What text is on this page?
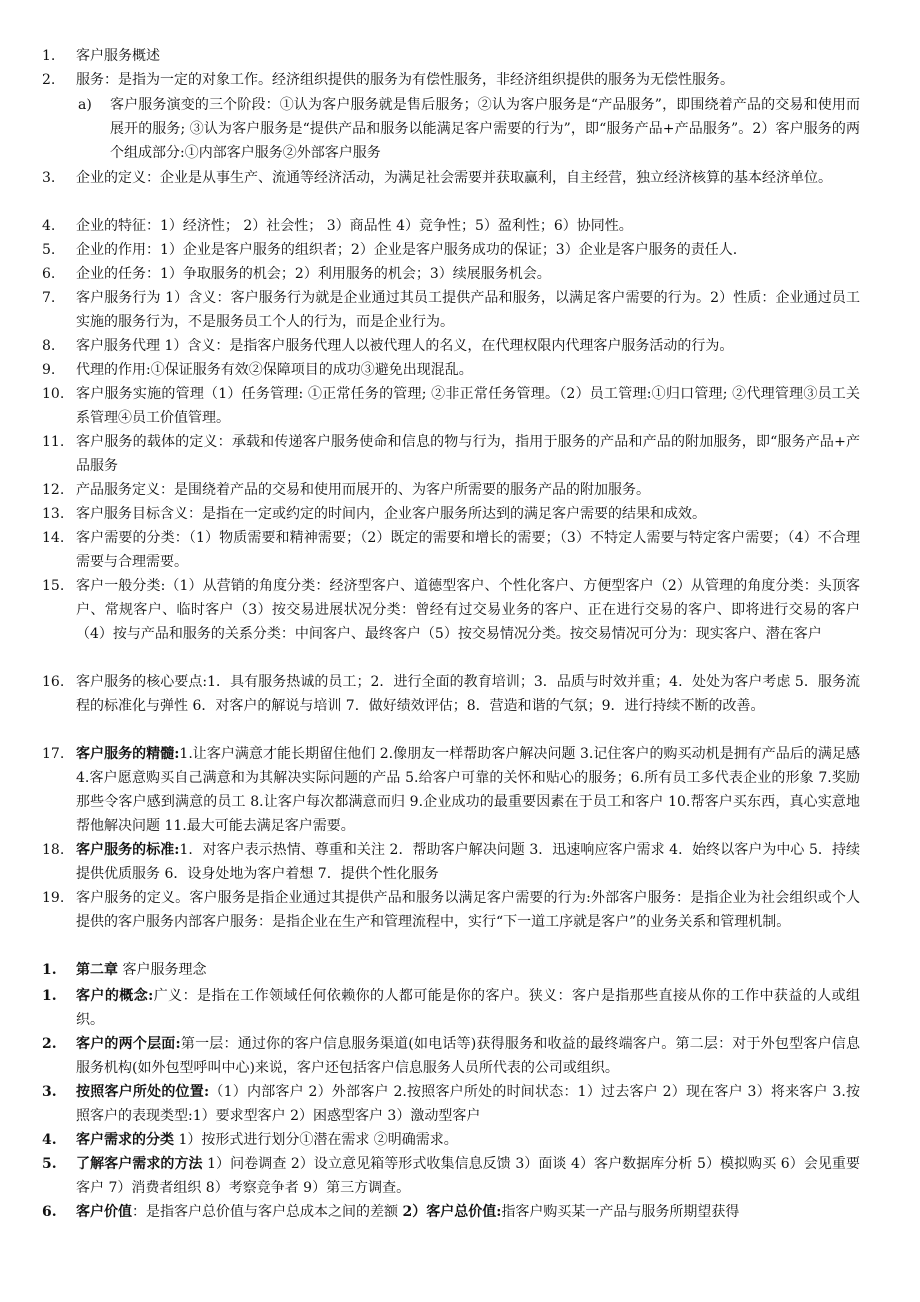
1.	客户服务概述
2.	服务：是指为一定的对象工作。经济组织提供的服务为有偿性服务，非经济组织提供的服务为无偿性服务。
a)	客户服务演变的三个阶段：①认为客户服务就是售后服务；②认为客户服务是“产品服务”，即围绕着产品的交易和使用而展开的服务; ③认为客户服务是“提供产品和服务以能满足客户需要的行为”，即“服务产品+产品服务”。2）客户服务的两个组成部分:①内部客户服务②外部客户服务
3.	企业的定义：企业是从事生产、流通等经济活动，为满足社会需要并获取赢利，自主经营，独立经济核算的基本经济单位。
4.	企业的特征：1）经济性； 2）社会性； 3）商品性 4）竞争性；5）盈利性；6）协同性。
5.	企业的作用：1）企业是客户服务的组织者；2）企业是客户服务成功的保证；3）企业是客户服务的责任人.
6.	企业的任务：1）争取服务的机会；2）利用服务的机会；3）续展服务机会。
7.	客户服务行为 1）含义：客户服务行为就是企业通过其员工提供产品和服务，以满足客户需要的行为。2）性质：企业通过员工实施的服务行为，不是服务员工个人的行为，而是企业行为。
8.	客户服务代理 1）含义：是指客户服务代理人以被代理人的名义，在代理权限内代理客户服务活动的行为。
9.	代理的作用:①保证服务有效②保障项目的成功③避免出现混乱。
10. 客户服务实施的管理（1）任务管理: ①正常任务的管理; ②非正常任务管理。（2）员工管理:①归口管理; ②代理管理③员工关系管理④员工价值管理。
11. 客户服务的载体的定义：承载和传递客户服务使命和信息的物与行为，指用于服务的产品和产品的附加服务，即“服务产品+产品服务
12. 产品服务定义：是围绕着产品的交易和使用而展开的、为客户所需要的服务产品的附加服务。
13. 客户服务目标含义：是指在一定或约定的时间内，企业客户服务所达到的满足客户需要的结果和成效。
14. 客户需要的分类：（1）物质需要和精神需要；（2）既定的需要和增长的需要；（3）不特定人需要与特定客户需要；（4）不合理需要与合理需要。
15. 客户一般分类:（1）从营销的角度分类：经济型客户、道德型客户、个性化客户、方便型客户（2）从管理的角度分类：头顶客户、常规客户、临时客户（3）按交易进展状况分类：曾经有过交易业务的客户、正在进行交易的客户、即将进行交易的客户（4）按与产品和服务的关系分类：中间客户、最终客户（5）按交易情况分类。按交易情况可分为：现实客户、潜在客户
16. 客户服务的核心要点:1．具有服务热诚的员工；2．进行全面的教育培训；3．品质与时效并重；4．处处为客户考虑 5．服务流程的标准化与弹性 6．对客户的解说与培训 7．做好绩效评估；8．营造和谐的气氛；9．进行持续不断的改善。
17. 客户服务的精髓:1.让客户满意才能长期留住他们 2.像朋友一样帮助客户解决问题 3.记住客户的购买动机是拥有产品后的满足感 4.客户愿意购买自己满意和为其解决实际问题的产品 5.给客户可靠的关怀和贴心的服务；6.所有员工多代表企业的形象 7.奖励那些令客户感到满意的员工 8.让客户每次都满意而归 9.企业成功的最重要因素在于员工和客户 10.帮客户买东西，真心实意地帮他解决问题 11.最大可能去满足客户需要。
18. 客户服务的标准:1．对客户表示热情、尊重和关注 2．帮助客户解决问题 3．迅速响应客户需求 4．始终以客户为中心 5．持续提供优质服务 6．设身处地为客户着想 7．提供个性化服务
19. 客户服务的定义。客户服务是指企业通过其提供产品和服务以满足客户需要的行为:外部客户服务：是指企业为社会组织或个人提供的客户服务内部客户服务：是指企业在生产和管理流程中，实行“下一道工序就是客户”的业务关系和管理机制。
1.	第二章 客户服务理念
1.	客户的概念:广义：是指在工作领域任何依赖你的人都可能是你的客户。狭义：客户是指那些直接从你的工作中获益的人或组织。
2.	客户的两个层面:第一层：通过你的客户信息服务渠道(如电话等)获得服务和收益的最终端客户。第二层：对于外包型客户信息服务机构(如外包型呼叫中心)来说，客户还包括客户信息服务人员所代表的公司或组织。
3.	按照客户所处的位置:（1）内部客户 2）外部客户 2.按照客户所处的时间状态：1）过去客户 2）现在客户 3）将来客户 3.按照客户的表现类型:1）要求型客户 2）困惑型客户 3）激动型客户
4.	客户需求的分类 1）按形式进行划分①潜在需求 ②明确需求。
5.	了解客户需求的方法 1）问卷调查 2）设立意见箱等形式收集信息反馈 3）面谈 4）客户数据库分析 5）模拟购买 6）会见重要客户 7）消费者组织 8）考察竞争者 9）第三方调查。
6.	客户价值：是指客户总价值与客户总成本之间的差额 2）客户总价值:指客户购买某一产品与服务所期望获得
